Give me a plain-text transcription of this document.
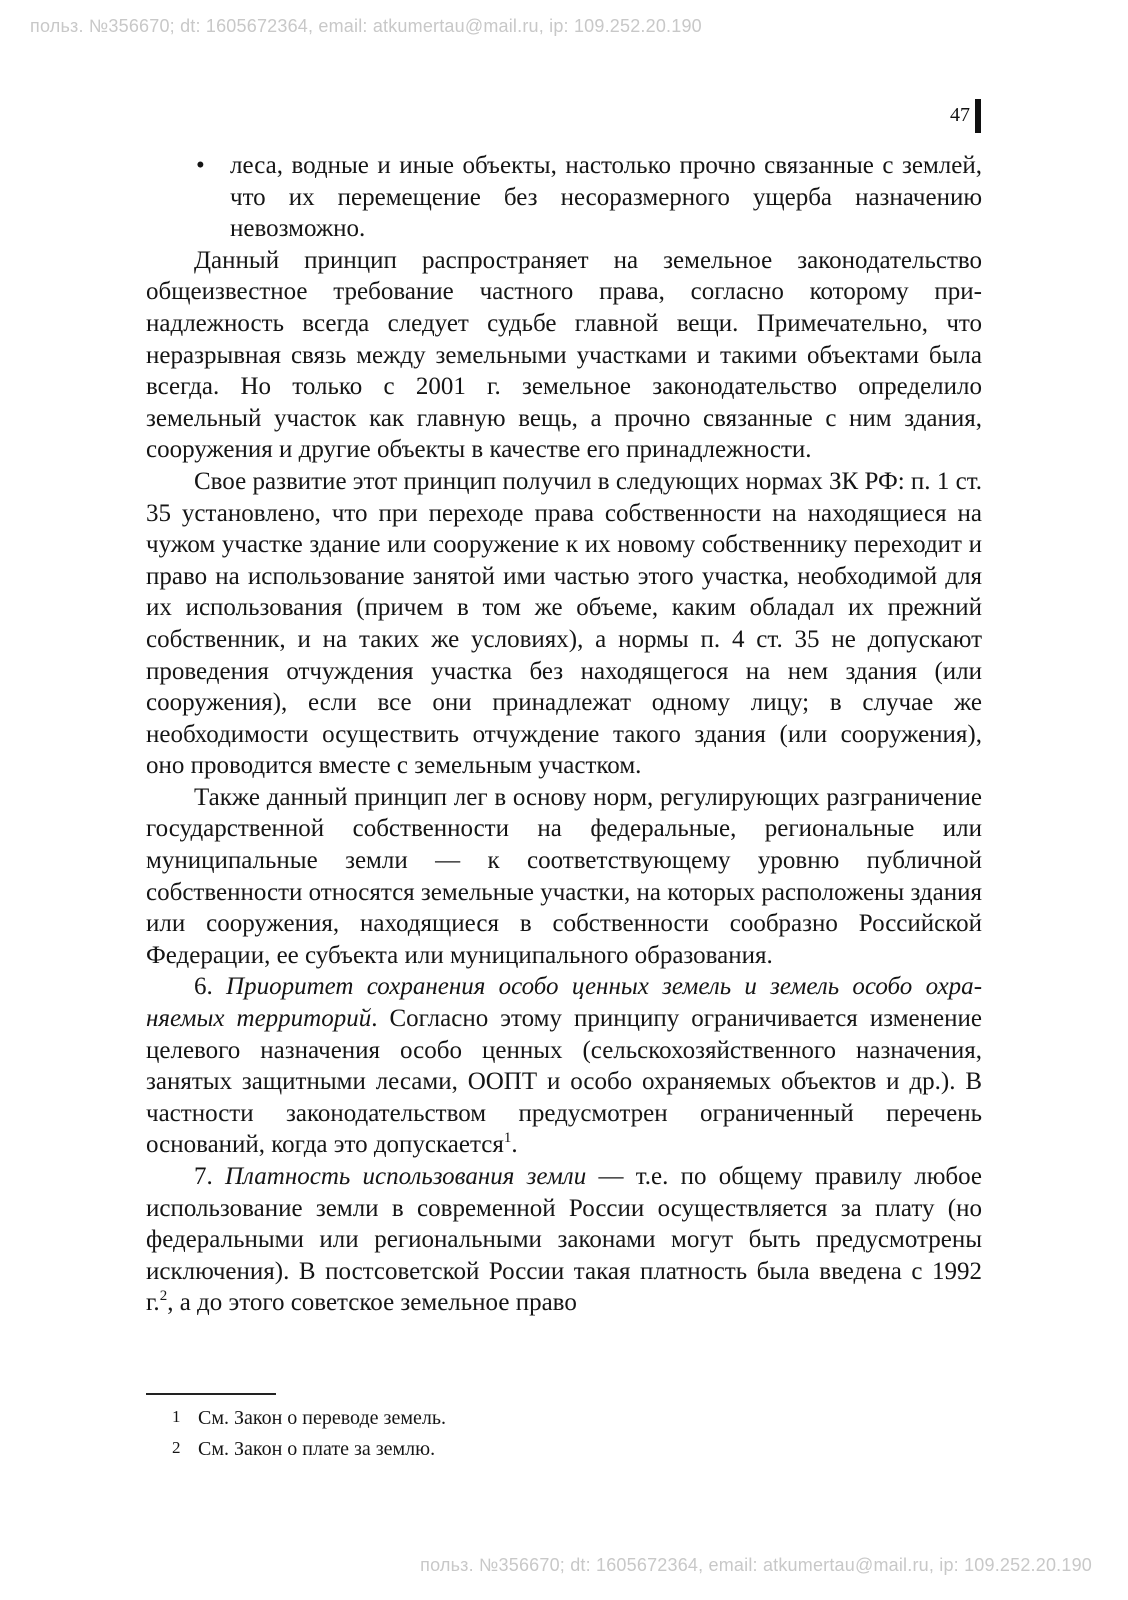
польз. №356670; dt: 1605672364, email: atkumertau@mail.ru, ip: 109.252.20.190
47

• леса, водные и иные объекты, настолько прочно связанные с землей, что их перемещение без несоразмерного ущерба назначению невозможно.

Данный принцип распространяет на земельное законодательство общеизвестное требование частного права, согласно которому принадлежность всегда следует судьбе главной вещи. Примечательно, что неразрывная связь между земельными участками и такими объектами была всегда. Но только с 2001 г. земельное законодательство определило земельный участок как главную вещь, а прочно связанные с ним здания, сооружения и другие объекты в качестве его принадлежности.

Свое развитие этот принцип получил в следующих нормах ЗК РФ: п. 1 ст. 35 установлено, что при переходе права собственности на находящиеся на чужом участке здание или сооружение к их новому собственнику переходит и право на использование занятой ими частью этого участка, необходимой для их использования (причем в том же объеме, каким обладал их прежний собственник, и на таких же условиях), а нормы п. 4 ст. 35 не допускают проведения отчуждения участка без находящегося на нем здания (или сооружения), если все они принадлежат одному лицу; в случае же необходимости осуществить отчуждение такого здания (или сооружения), оно проводится вместе с земельным участком.

Также данный принцип лег в основу норм, регулирующих разграничение государственной собственности на федеральные, региональные или муниципальные земли — к соответствующему уровню публичной собственности относятся земельные участки, на которых расположены здания или сооружения, находящиеся в собственности сообразно Российской Федерации, ее субъекта или муниципального образования.

6. Приоритет сохранения особо ценных земель и земель особо охраняемых территорий. Согласно этому принципу ограничивается изменение целевого назначения особо ценных (сельскохозяйственного назначения, занятых защитными лесами, ООПТ и особо охраняемых объектов и др.). В частности законодательством предусмотрен ограниченный перечень оснований, когда это допускается$^1$.

7. Платность использования земли — т.е. по общему правилу любое использование земли в современной России осуществляется за плату (но федеральными или региональными законами могут быть предусмотрены исключения). В постсоветской России такая платность была введена с 1992 г.$^2$, а до этого советское земельное право

1 См. Закон о переводе земель.

2 См. Закон о плате за землю.

польз. №356670; dt: 1605672364, email: atkumertau@mail.ru, ip: 109.252.20.190
